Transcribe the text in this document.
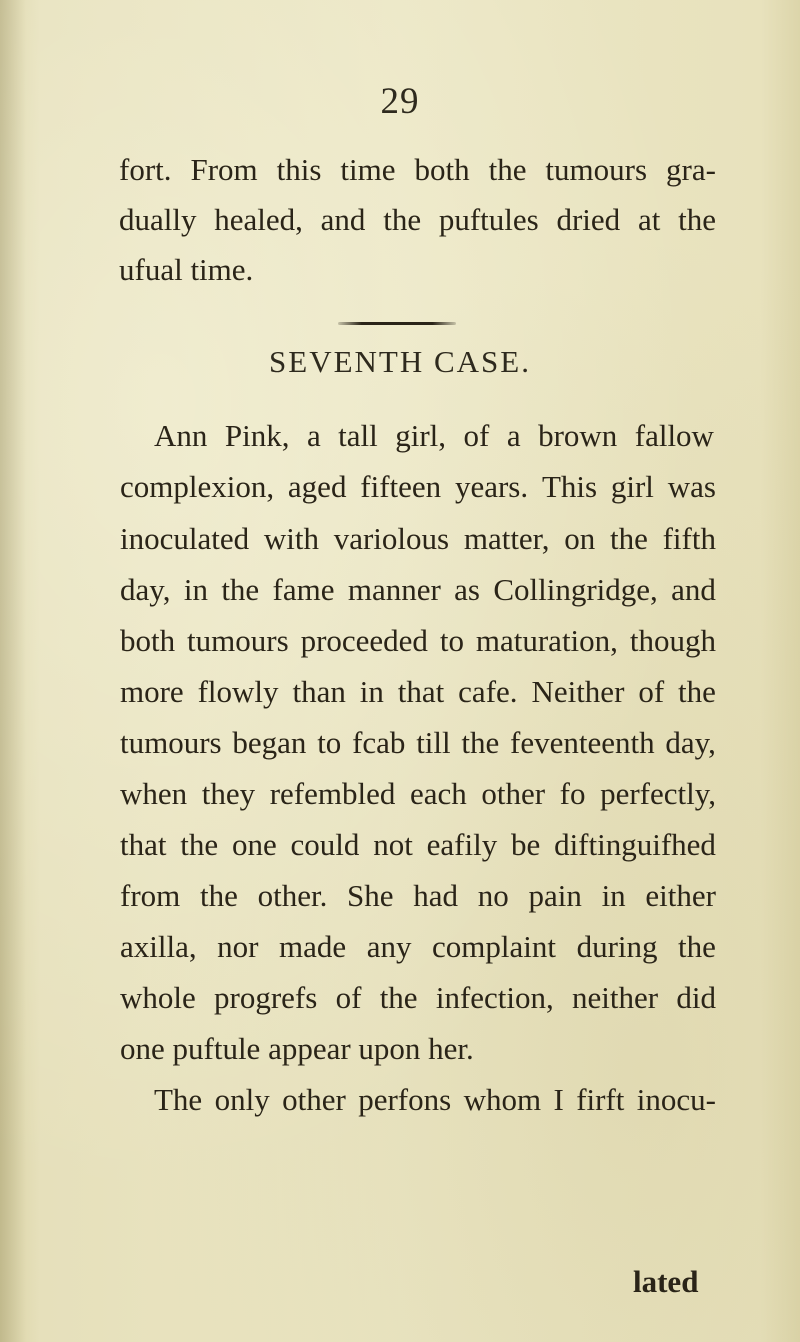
29
fort. From this time both the tumours gra-
dually healed, and the puftules dried at the
ufual time.
SEVENTH CASE.
Ann Pink, a tall girl, of a brown fallow
complexion, aged fifteen years. This girl was
inoculated with variolous matter, on the fifth
day, in the fame manner as Collingridge, and
both tumours proceeded to maturation, though
more flowly than in that cafe. Neither of the
tumours began to fcab till the feventeenth day,
when they refembled each other fo perfectly,
that the one could not eafily be diftinguifhed
from the other. She had no pain in either
axilla, nor made any complaint during the
whole progrefs of the infection, neither did
one puftule appear upon her.
The only other perfons whom I firft inocu-
lated
